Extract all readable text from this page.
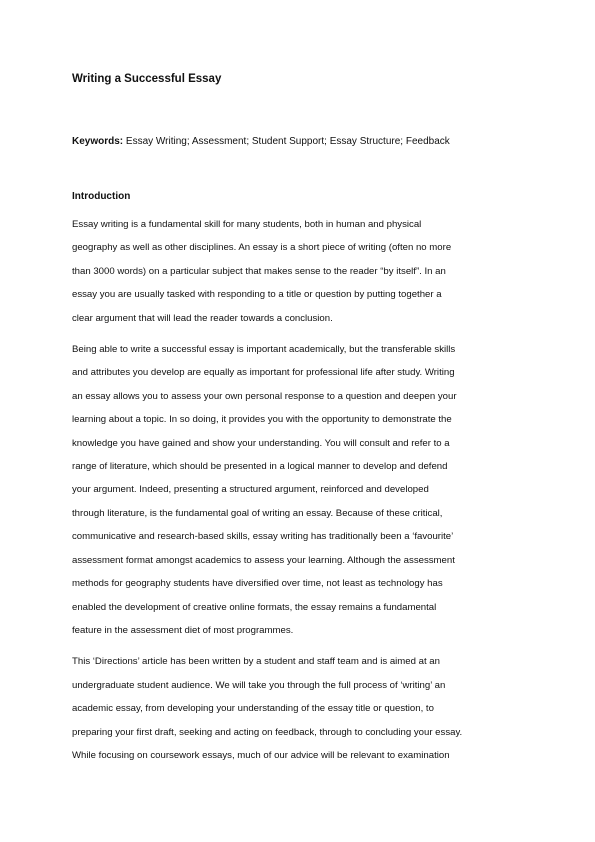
Writing a Successful Essay

Keywords: Essay Writing; Assessment; Student Support; Essay Structure; Feedback

Introduction

Essay writing is a fundamental skill for many students, both in human and physical
geography as well as other disciplines. An essay is a short piece of writing (often no more
than 3000 words) on a particular subject that makes sense to the reader “by itself”. In an
essay you are usually tasked with responding to a title or question by putting together a
clear argument that will lead the reader towards a conclusion.

Being able to write a successful essay is important academically, but the transferable skills
and attributes you develop are equally as important for professional life after study. Writing
an essay allows you to assess your own personal response to a question and deepen your
learning about a topic. In so doing, it provides you with the opportunity to demonstrate the
knowledge you have gained and show your understanding. You will consult and refer to a
range of literature, which should be presented in a logical manner to develop and defend
your argument. Indeed, presenting a structured argument, reinforced and developed
through literature, is the fundamental goal of writing an essay. Because of these critical,
communicative and research-based skills, essay writing has traditionally been a ‘favourite’
assessment format amongst academics to assess your learning. Although the assessment
methods for geography students have diversified over time, not least as technology has
enabled the development of creative online formats, the essay remains a fundamental
feature in the assessment diet of most programmes.

This ‘Directions’ article has been written by a student and staff team and is aimed at an
undergraduate student audience. We will take you through the full process of ‘writing’ an
academic essay, from developing your understanding of the essay title or question, to
preparing your first draft, seeking and acting on feedback, through to concluding your essay.
While focusing on coursework essays, much of our advice will be relevant to examination
